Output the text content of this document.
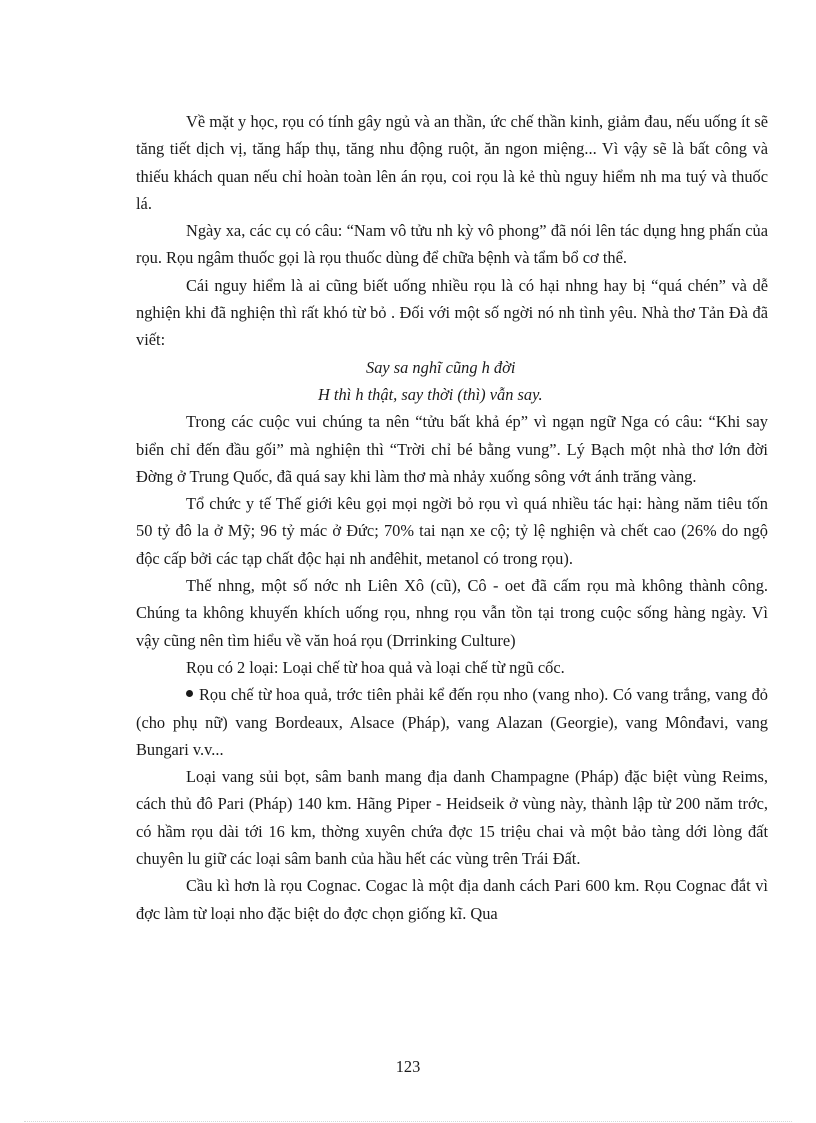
Về mặt y học, rọu có tính gây ngủ và an thần, ức chế thần kinh, giảm đau, nếu uống ít sẽ tăng tiết dịch vị, tăng hấp thụ, tăng nhu động ruột, ăn ngon miệng... Vì vậy sẽ là bất công và thiếu khách quan nếu chỉ hoàn toàn lên án rọu, coi rọu là kẻ thù nguy hiểm nh ma tuý và thuốc lá.

Ngày xa, các cụ có câu: “Nam vô tửu nh kỳ vô phong” đã nói lên tác dụng hng phấn của rọu. Rọu ngâm thuốc gọi là rọu thuốc dùng để chữa bệnh và tẩm bổ cơ thể.

Cái nguy hiểm là ai cũng biết uống nhiều rọu là có hại nhng hay bị “quá chén” và dễ nghiện khi đã nghiện thì rất khó từ bỏ . Đối với một số ngời nó nh tình yêu. Nhà thơ Tản Đà đã viết:

Say sa nghĩ cũng h đời

H thì h thật, say thời (thì) vẫn say.

Trong các cuộc vui chúng ta nên “tửu bất khả ép” vì ngạn ngữ Nga có câu: “Khi say biển chỉ đến đầu gối” mà nghiện thì “Trời chỉ bé bằng vung”. Lý Bạch một nhà thơ lớn đời Đờng ở Trung Quốc, đã quá say khi làm thơ mà nhảy xuống sông vớt ánh trăng vàng.

Tổ chức y tế Thế giới kêu gọi mọi ngời bỏ rọu vì quá nhiều tác hại: hàng năm tiêu tốn 50 tỷ đô la ở Mỹ; 96 tỷ mác ở Đức; 70% tai nạn xe cộ; tỷ lệ nghiện và chết cao (26% do ngộ độc cấp bởi các tạp chất độc hại nh anđêhit, metanol có trong rọu).

Thế nhng, một số nớc nh Liên Xô (cũ), Cô - oet đã cấm rọu mà không thành công. Chúng ta không khuyến khích uống rọu, nhng rọu vẫn tồn tại trong cuộc sống hàng ngày. Vì vậy cũng nên tìm hiểu về văn hoá rọu (Drrinking Culture)

Rọu có 2 loại: Loại chế từ hoa quả và loại chế từ ngũ cốc.

Rọu chế từ hoa quả, trớc tiên phải kể đến rọu nho (vang nho). Có vang trắng, vang đỏ (cho phụ nữ) vang Bordeaux, Alsace (Pháp), vang Alazan (Georgie), vang Mônđavi, vang Bungari v.v...

Loại vang sủi bọt, sâm banh mang địa danh Champagne (Pháp) đặc biệt vùng Reims, cách thủ đô Pari (Pháp) 140 km. Hãng Piper - Heidseik ở vùng này, thành lập từ 200 năm trớc, có hầm rọu dài tới 16 km, thờng xuyên chứa đợc 15 triệu chai và một bảo tàng dới lòng đất chuyên lu giữ các loại sâm banh của hầu hết các vùng trên Trái Đất.

Cầu kì hơn là rọu Cognac. Cogac là một địa danh cách Pari 600 km. Rọu Cognac đắt vì đợc làm từ loại nho đặc biệt do đợc chọn giống kĩ. Qua

123
